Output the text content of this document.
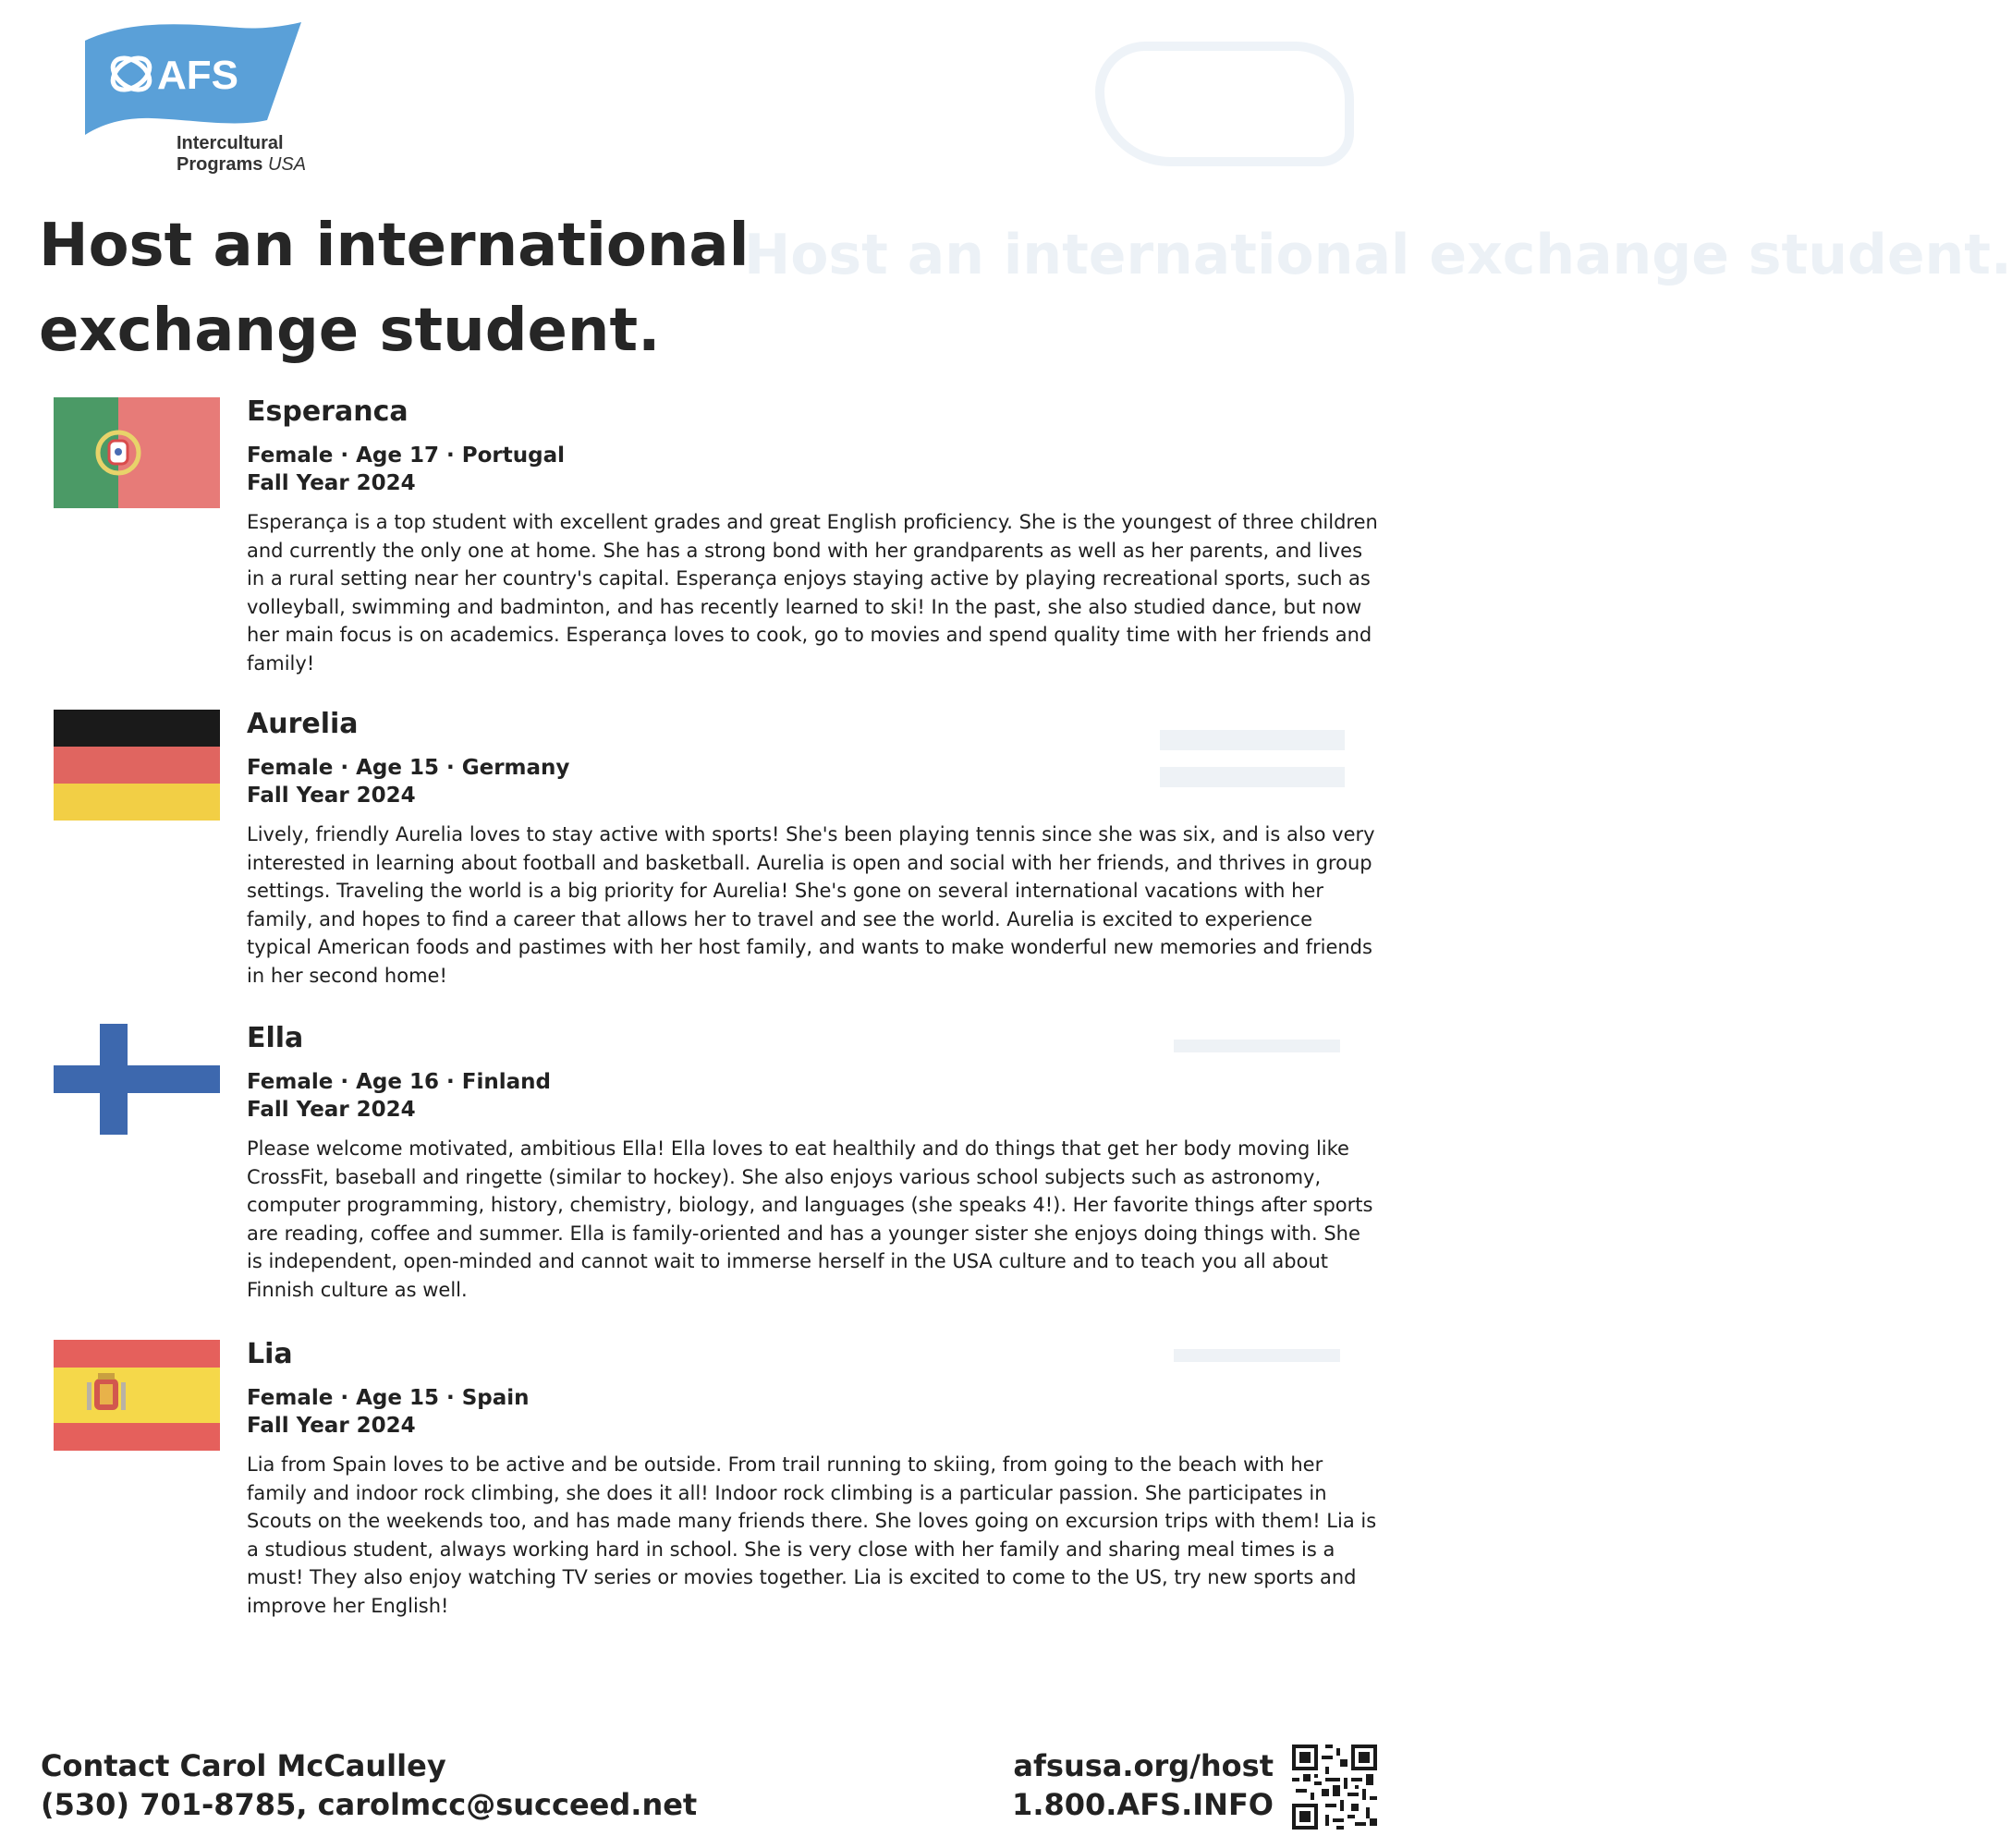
Host an international exchange student.
AFS
Intercultural
Programs USA
Host an international exchange student.
Esperanca
Female · Age 17 · Portugal
Fall Year 2024
Esperança is a top student with excellent grades and great English proficiency. She is the youngest of three children and currently the only one at home. She has a strong bond with her grandparents as well as her parents, and lives in a rural setting near her country's capital. Esperança enjoys staying active by playing recreational sports, such as volleyball, swimming and badminton, and has recently learned to ski! In the past, she also studied dance, but now her main focus is on academics. Esperança loves to cook, go to movies and spend quality time with her friends and family!
Aurelia
Female · Age 15 · Germany
Fall Year 2024
Lively, friendly Aurelia loves to stay active with sports! She's been playing tennis since she was six, and is also very interested in learning about football and basketball. Aurelia is open and social with her friends, and thrives in group settings. Traveling the world is a big priority for Aurelia! She's gone on several international vacations with her family, and hopes to find a career that allows her to travel and see the world. Aurelia is excited to experience typical American foods and pastimes with her host family, and wants to make wonderful new memories and friends in her second home!
Ella
Female · Age 16 · Finland
Fall Year 2024
Please welcome motivated, ambitious Ella! Ella loves to eat healthily and do things that get her body moving like CrossFit, baseball and ringette (similar to hockey). She also enjoys various school subjects such as astronomy, computer programming, history, chemistry, biology, and languages (she speaks 4!). Her favorite things after sports are reading, coffee and summer. Ella is family-oriented and has a younger sister she enjoys doing things with. She is independent, open-minded and cannot wait to immerse herself in the USA culture and to teach you all about Finnish culture as well.
Lia
Female · Age 15 · Spain
Fall Year 2024
Lia from Spain loves to be active and be outside. From trail running to skiing, from going to the beach with her family and indoor rock climbing, she does it all! Indoor rock climbing is a particular passion. She participates in Scouts on the weekends too, and has made many friends there. She loves going on excursion trips with them! Lia is a studious student, always working hard in school. She is very close with her family and sharing meal times is a must! They also enjoy watching TV series or movies together. Lia is excited to come to the US, try new sports and improve her English!
Contact Carol McCaulley
(530) 701-8785, carolmcc@succeed.net
afsusa.org/host
1.800.AFS.INFO
